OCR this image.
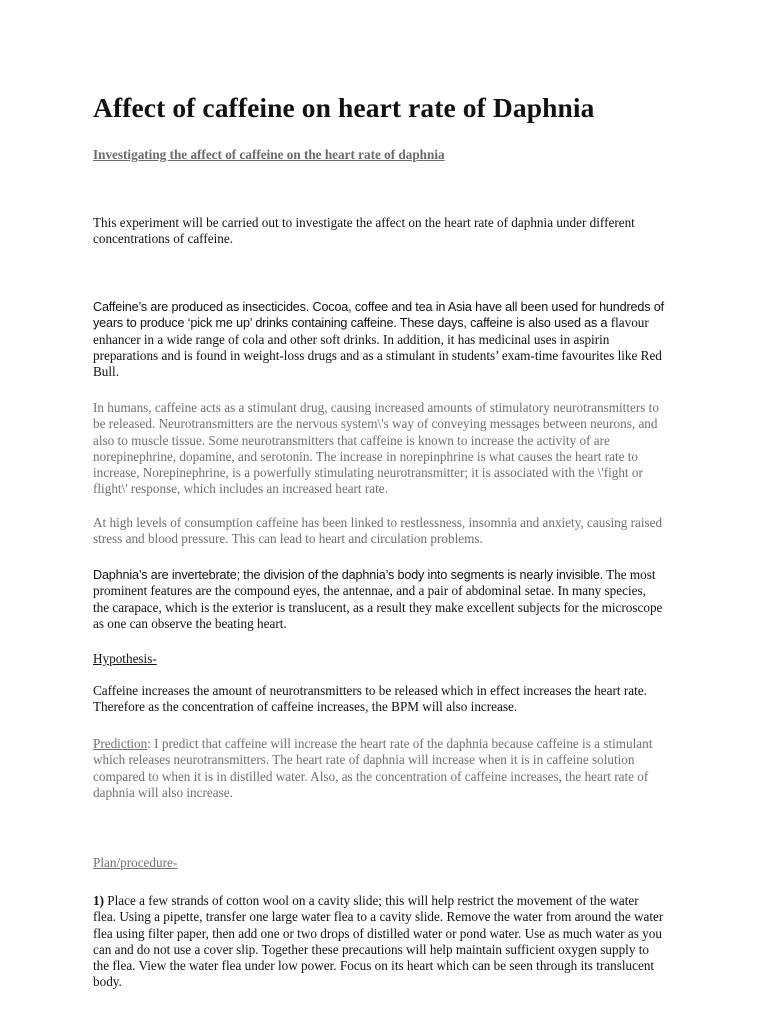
Affect of caffeine on heart rate of Daphnia

Investigating the affect of caffeine on the heart rate of daphnia

This experiment will be carried out to investigate the affect on the heart rate of daphnia under different concentrations of caffeine.

Caffeine’s are produced as insecticides. Cocoa, coffee and tea in Asia have all been used for hundreds of years to produce ‘pick me up’ drinks containing caffeine. These days, caffeine is also used as a flavour enhancer in a wide range of cola and other soft drinks. In addition, it has medicinal uses in aspirin preparations and is found in weight-loss drugs and as a stimulant in students’ exam-time favourites like Red Bull.

In humans, caffeine acts as a stimulant drug, causing increased amounts of stimulatory neurotransmitters to be released. Neurotransmitters are the nervous system\'s way of conveying messages between neurons, and also to muscle tissue. Some neurotransmitters that caffeine is known to increase the activity of are norepinephrine, dopamine, and serotonin. The increase in norepinphrine is what causes the heart rate to increase, Norepinephrine, is a powerfully stimulating neurotransmitter; it is associated with the \'fight or flight\' response, which includes an increased heart rate.

At high levels of consumption caffeine has been linked to restlessness, insomnia and anxiety, causing raised stress and blood pressure. This can lead to heart and circulation problems.

Daphnia’s are invertebrate; the division of the daphnia’s body into segments is nearly invisible. The most prominent features are the compound eyes, the antennae, and a pair of abdominal setae. In many species, the carapace, which is the exterior is translucent, as a result they make excellent subjects for the microscope as one can observe the beating heart.

Hypothesis-

Caffeine increases the amount of neurotransmitters to be released which in effect increases the heart rate. Therefore as the concentration of caffeine increases, the BPM will also increase.

Prediction: I predict that caffeine will increase the heart rate of the daphnia because caffeine is a stimulant which releases neurotransmitters. The heart rate of daphnia will increase when it is in caffeine solution compared to when it is in distilled water. Also, as the concentration of caffeine increases, the heart rate of daphnia will also increase.

Plan/procedure-

1) Place a few strands of cotton wool on a cavity slide; this will help restrict the movement of the water flea. Using a pipette, transfer one large water flea to a cavity slide. Remove the water from around the water flea using filter paper, then add one or two drops of distilled water or pond water. Use as much water as you can and do not use a cover slip. Together these precautions will help maintain sufficient oxygen supply to the flea. View the water flea under low power. Focus on its heart which can be seen through its translucent body.
